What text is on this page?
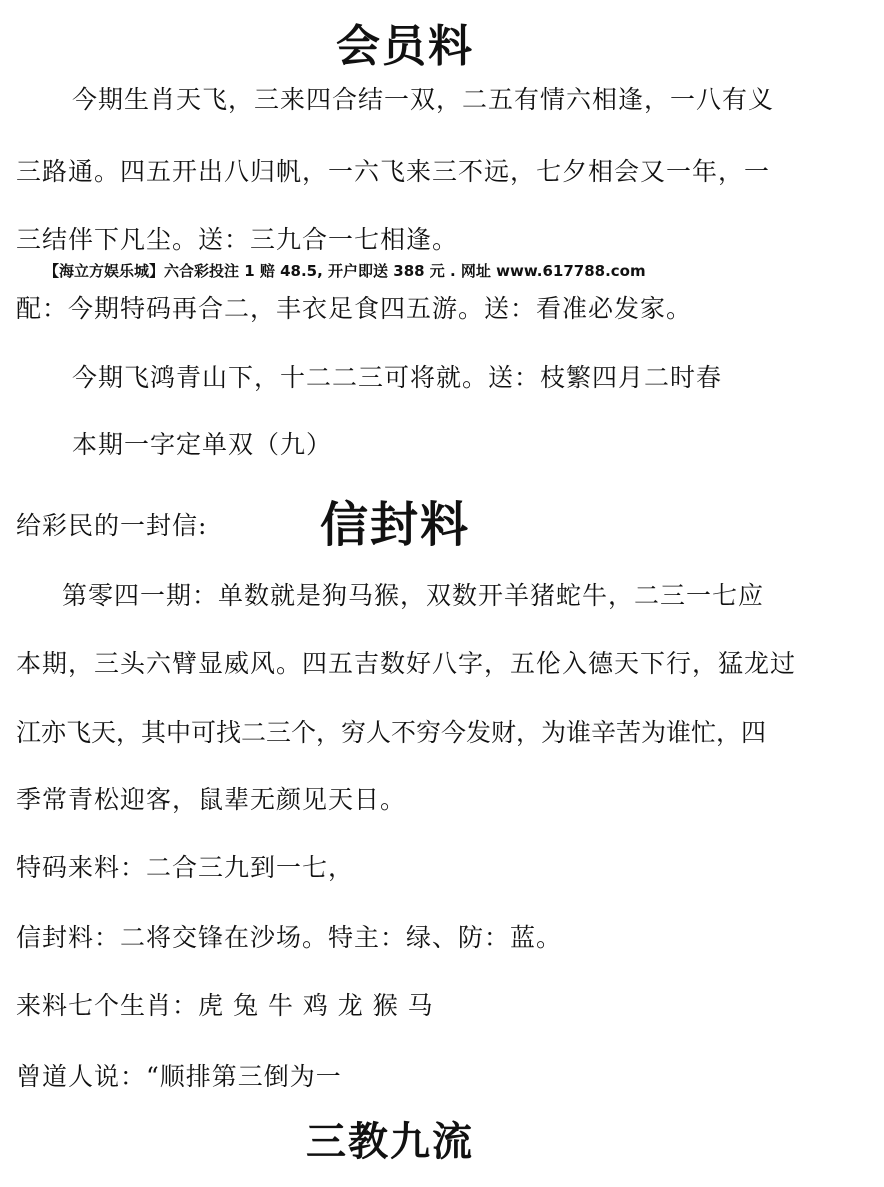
会员料
今期生肖天飞，三来四合结一双，二五有情六相逢，一八有义
三路通。四五开出八归帆，一六飞来三不远，七夕相会又一年，一
三结伴下凡尘。送：三九合一七相逢。
【海立方娱乐城】六合彩投注 1 赔 48.5, 开户即送 388 元 . 网址 www.617788.com
配：今期特码再合二，丰衣足食四五游。送：看准必发家。
今期飞鸿青山下，十二二三可将就。送：枝繁四月二时春
本期一字定单双（九）
给彩民的一封信: 信封料
第零四一期：单数就是狗马猴，双数开羊猪蛇牛，二三一七应
本期，三头六臂显威风。四五吉数好八字，五伦入德天下行，猛龙过
江亦飞天，其中可找二三个，穷人不穷今发财，为谁辛苦为谁忙，四
季常青松迎客，鼠辈无颜见天日。
特码来料：二合三九到一七，
信封料：二将交锋在沙场。特主：绿、防：蓝。
来料七个生肖：虎 兔 牛 鸡 龙 猴 马
曾道人说：“顺排第三倒为一
三教九流
